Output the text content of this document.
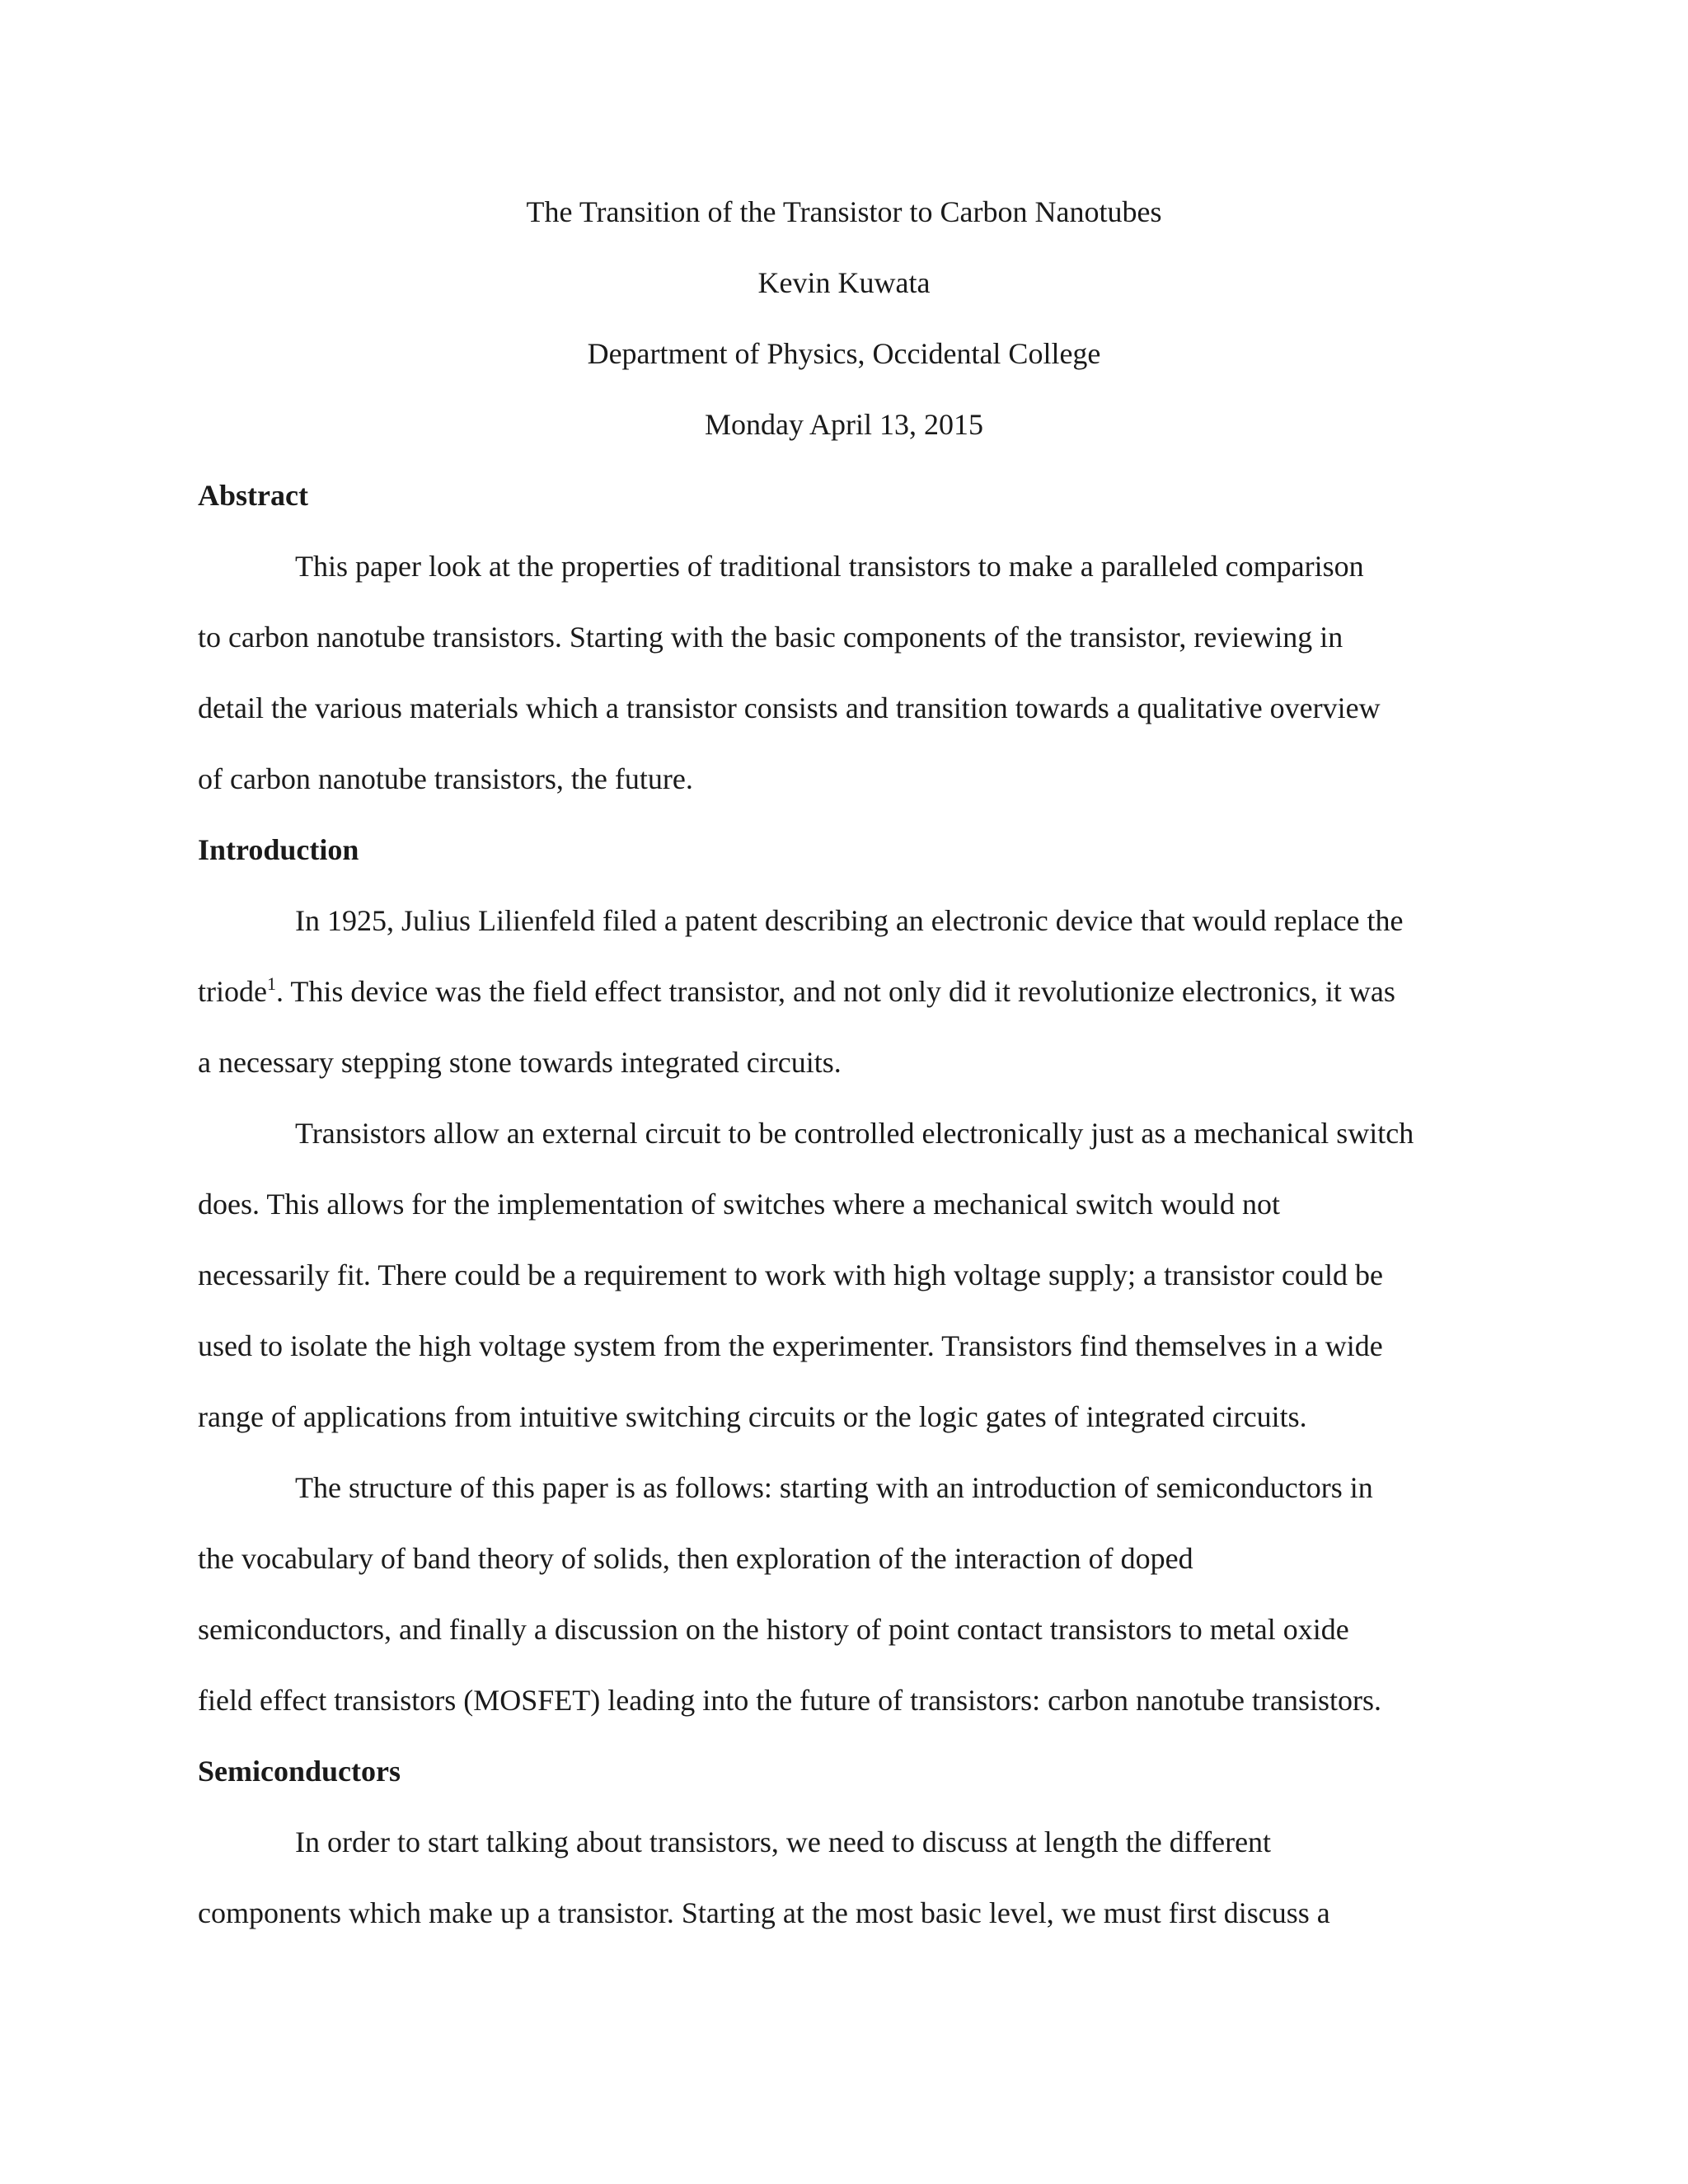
The Transition of the Transistor to Carbon Nanotubes
Kevin Kuwata
Department of Physics, Occidental College
Monday April 13, 2015
Abstract
This paper look at the properties of traditional transistors to make a paralleled comparison
to carbon nanotube transistors. Starting with the basic components of the transistor, reviewing in
detail the various materials which a transistor consists and transition towards a qualitative overview
of carbon nanotube transistors, the future.
Introduction
In 1925, Julius Lilienfeld filed a patent describing an electronic device that would replace the
triode$^1$. This device was the field effect transistor, and not only did it revolutionize electronics, it was
a necessary stepping stone towards integrated circuits.
Transistors allow an external circuit to be controlled electronically just as a mechanical switch
does. This allows for the implementation of switches where a mechanical switch would not
necessarily fit. There could be a requirement to work with high voltage supply; a transistor could be
used to isolate the high voltage system from the experimenter. Transistors find themselves in a wide
range of applications from intuitive switching circuits or the logic gates of integrated circuits.
The structure of this paper is as follows: starting with an introduction of semiconductors in
the vocabulary of band theory of solids, then exploration of the interaction of doped
semiconductors, and finally a discussion on the history of point contact transistors to metal oxide
field effect transistors (MOSFET) leading into the future of transistors: carbon nanotube transistors.
Semiconductors
In order to start talking about transistors, we need to discuss at length the different
components which make up a transistor. Starting at the most basic level, we must first discuss a
